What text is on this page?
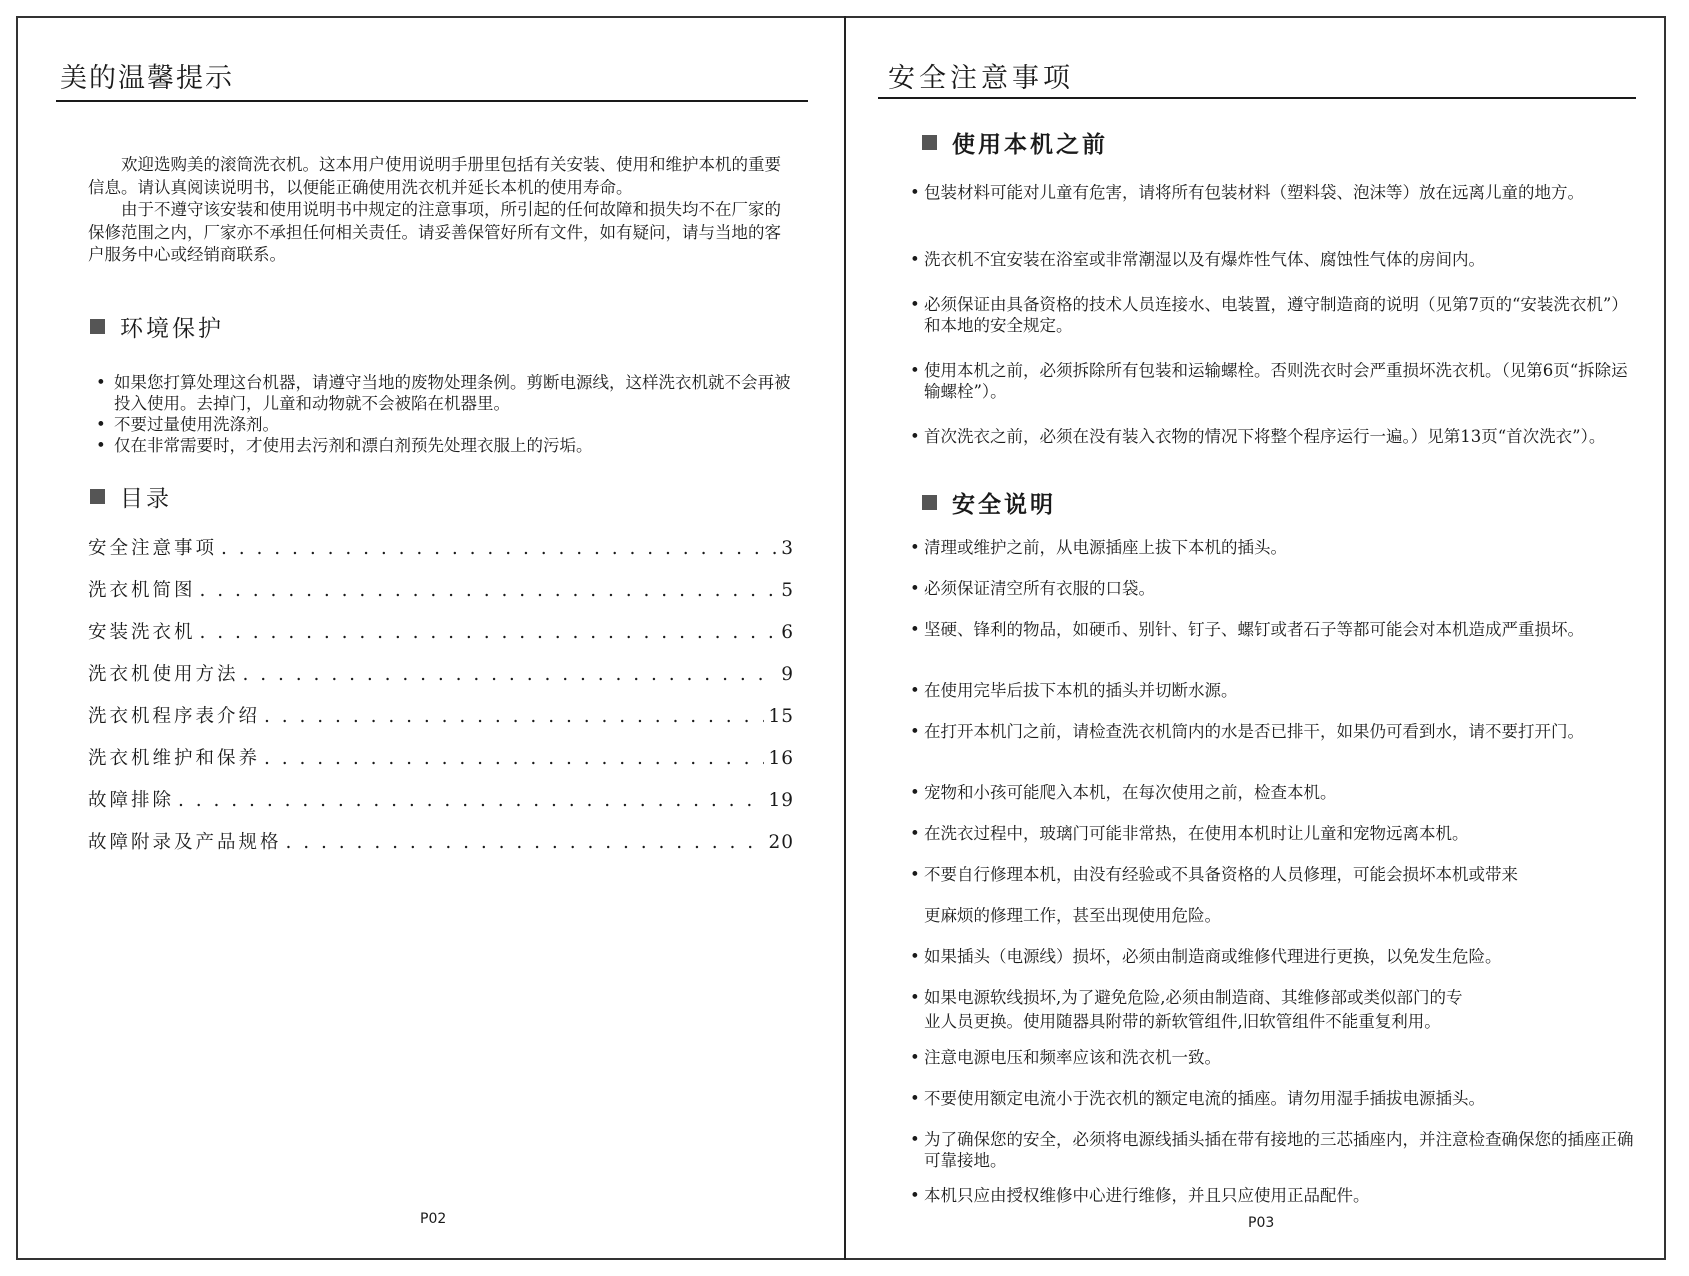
美的温馨提示

欢迎选购美的滚筒洗衣机。这本用户使用说明手册里包括有关安装、使用和维护本机的重要信息。请认真阅读说明书，以便能正确使用洗衣机并延长本机的使用寿命。

由于不遵守该安装和使用说明书中规定的注意事项，所引起的任何故障和损失均不在厂家的保修范围之内，厂家亦不承担任何相关责任。请妥善保管好所有文件，如有疑问，请与当地的客户服务中心或经销商联系。

环境保护
• 如果您打算处理这台机器，请遵守当地的废物处理条例。剪断电源线，这样洗衣机就不会再被投入使用。去掉门，儿童和动物就不会被陷在机器里。
• 不要过量使用洗涤剂。
• 仅在非常需要时，才使用去污剂和漂白剂预先处理衣服上的污垢。
目录
安全注意事项 . . .	3
洗衣机简图 . . .	5
安装洗衣机 . . .	6
洗衣机使用方法 . . .	9
洗衣机程序表介绍 . . .	15
洗衣机维护和保养 . . .	16
故障排除 . . .	19
故障附录及产品规格 . . .	20
P02
安全注意事项
使用本机之前
• 包装材料可能对儿童有危害，请将所有包装材料（塑料袋、泡沫等）放在远离儿童的地方。

• 洗衣机不宜安装在浴室或非常潮湿以及有爆炸性气体、腐蚀性气体的房间内。

• 必须保证由具备资格的技术人员连接水、电装置，遵守制造商的说明（见第7页的“安装洗衣机”）和本地的安全规定。

• 使用本机之前，必须拆除所有包装和运输螺栓。否则洗衣时会严重损坏洗衣机。（见第6页“拆除运输螺栓”）。

• 首次洗衣之前，必须在没有装入衣物的情况下将整个程序运行一遍。）见第13页“首次洗衣”）。

安全说明
• 清理或维护之前，从电源插座上拔下本机的插头。

• 必须保证清空所有衣服的口袋。

• 坚硬、锋利的物品，如硬币、别针、钉子、螺钉或者石子等都可能会对本机造成严重损坏。

• 在使用完毕后拔下本机的插头并切断水源。

• 在打开本机门之前，请检查洗衣机筒内的水是否已排干，如果仍可看到水，请不要打开门。

• 宠物和小孩可能爬入本机，在每次使用之前，检查本机。

• 在洗衣过程中，玻璃门可能非常热，在使用本机时让儿童和宠物远离本机。

• 不要自行修理本机，由没有经验或不具备资格的人员修理，可能会损坏本机或带来

更麻烦的修理工作，甚至出现使用危险。

• 如果插头（电源线）损坏，必须由制造商或维修代理进行更换，以免发生危险。

• 如果电源软线损坏,为了避免危险,必须由制造商、其维修部或类似部门的专

业人员更换。使用随器具附带的新软管组件,旧软管组件不能重复利用。

• 注意电源电压和频率应该和洗衣机一致。

• 不要使用额定电流小于洗衣机的额定电流的插座。请勿用湿手插拔电源插头。

• 为了确保您的安全，必须将电源线插头插在带有接地的三芯插座内，并注意检查确保您的插座正确可靠接地。

• 本机只应由授权维修中心进行维修，并且只应使用正品配件。

P03
